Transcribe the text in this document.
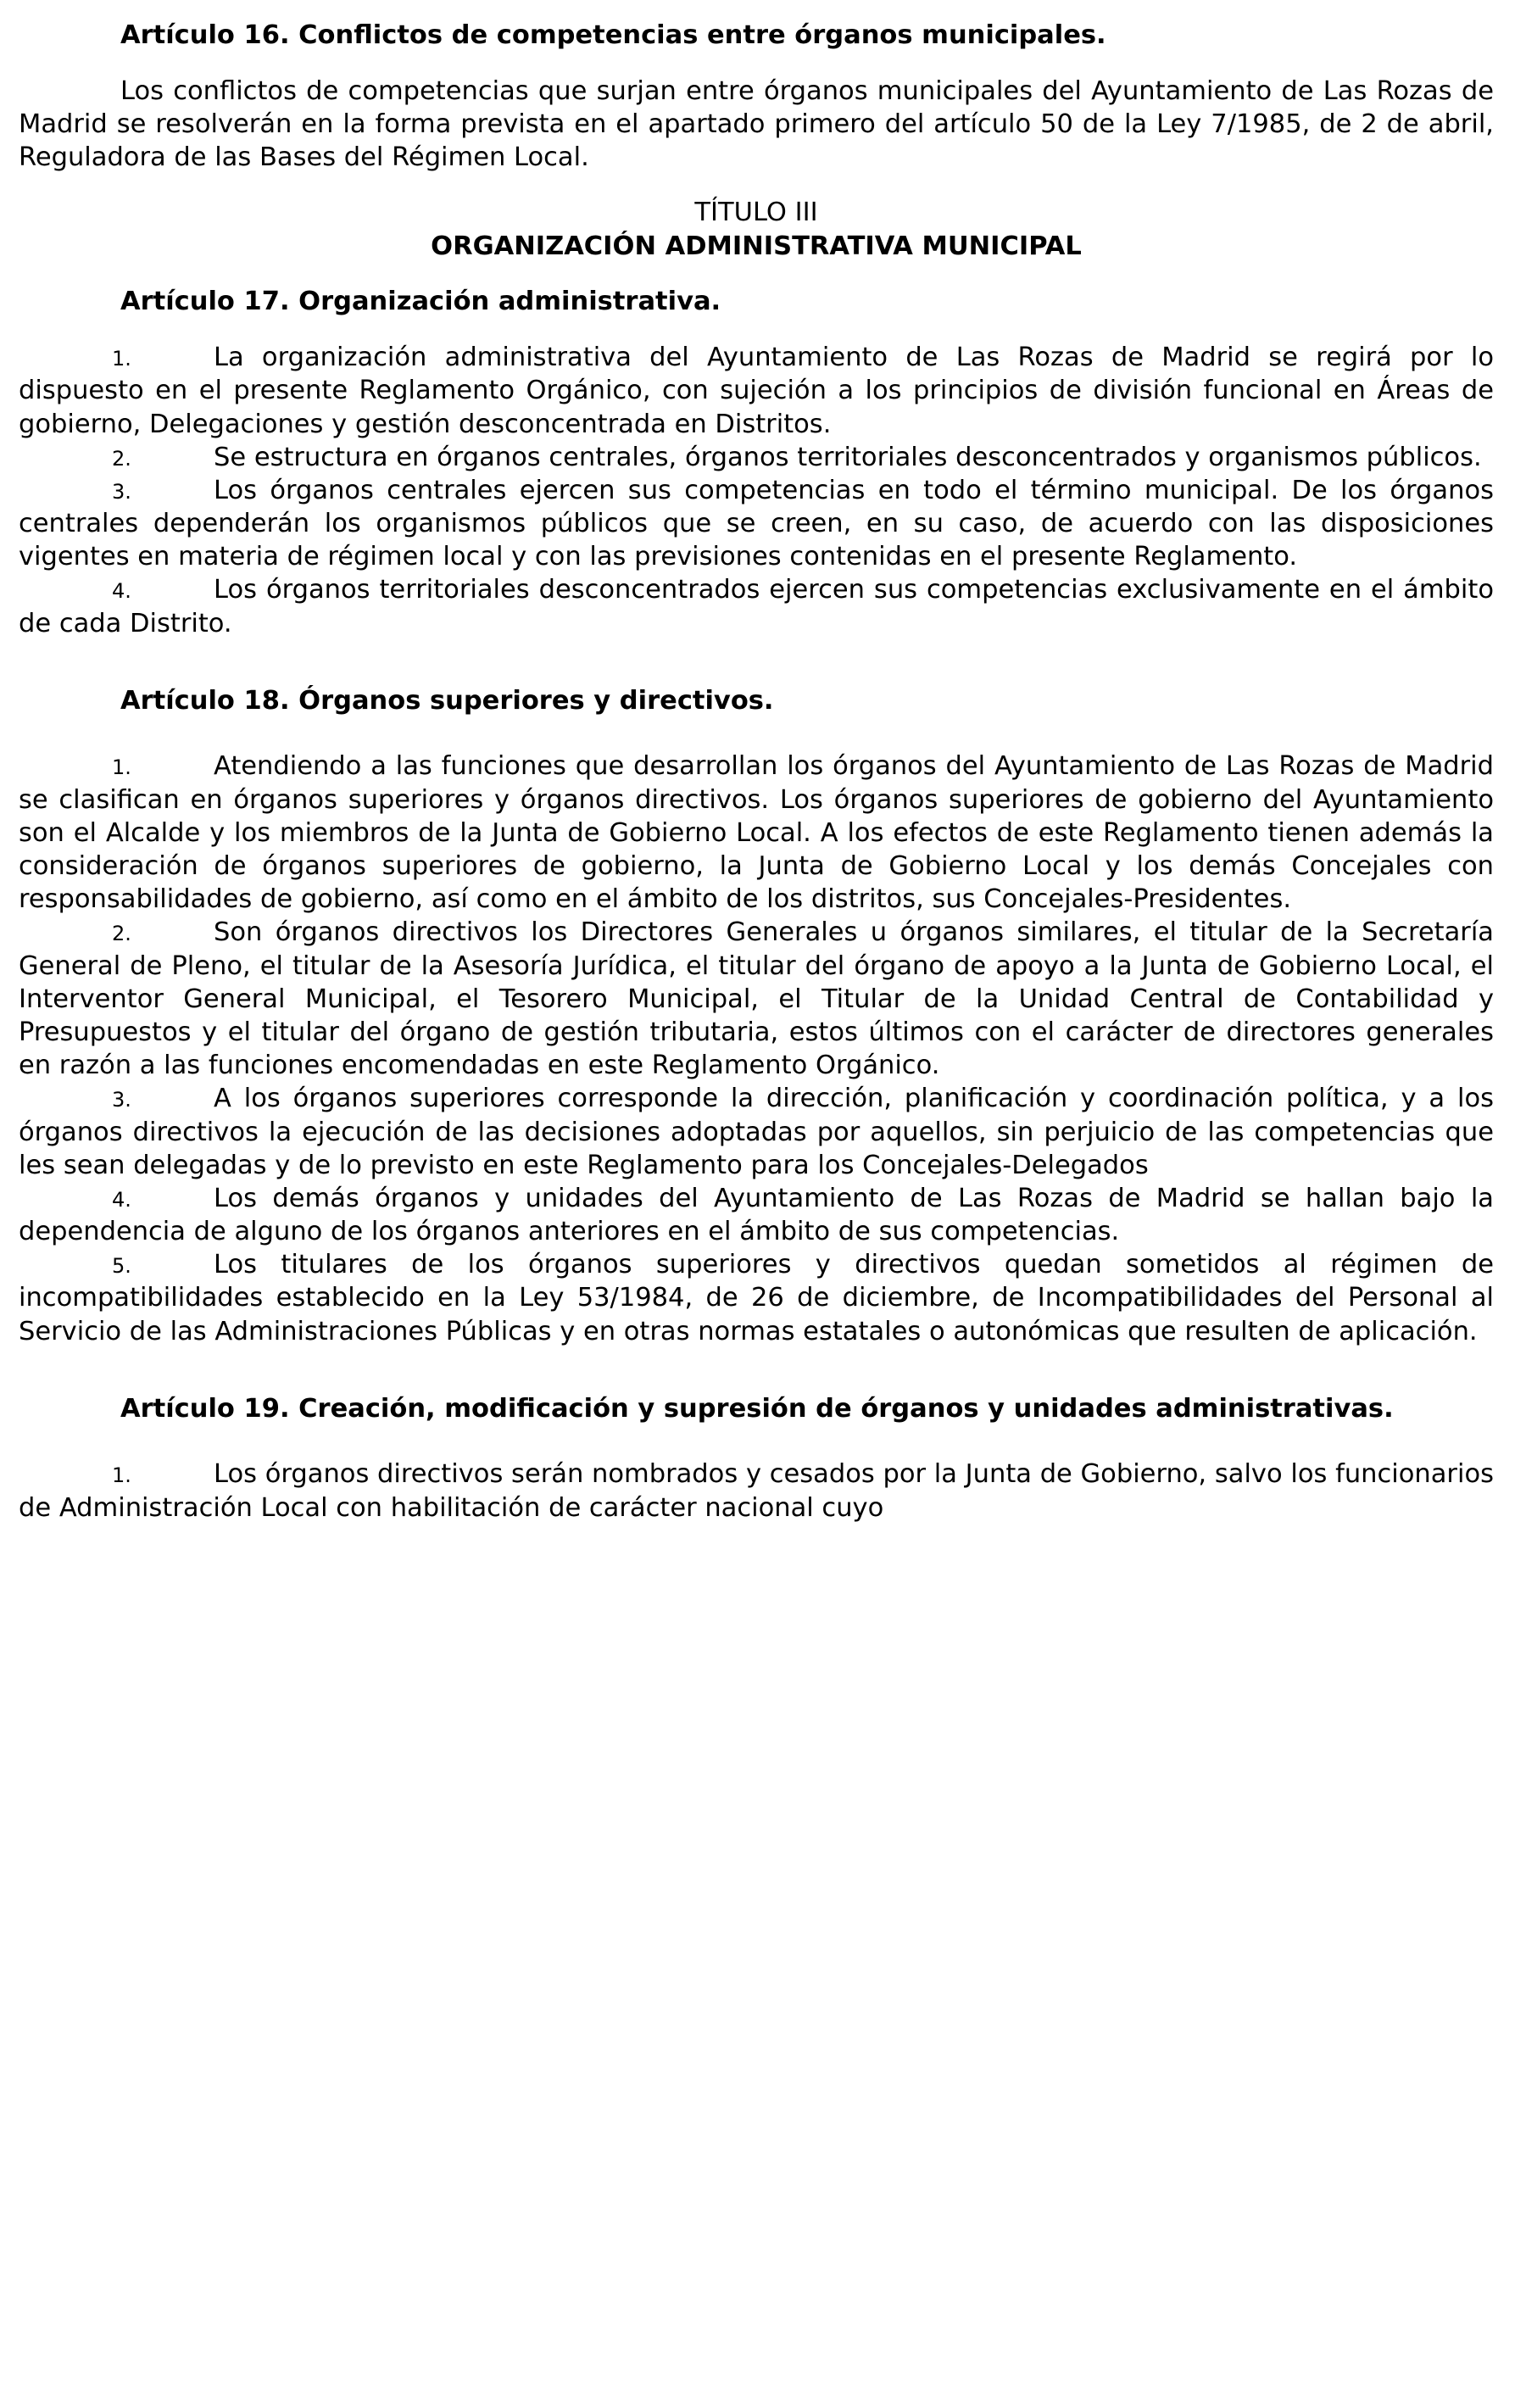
Artículo 16. Conflictos de competencias entre órganos municipales.

Los conflictos de competencias que surjan entre órganos municipales del Ayuntamiento de Las Rozas de Madrid se resolverán en la forma prevista en el apartado primero del artículo 50 de la Ley 7/1985, de 2 de abril, Reguladora de las Bases del Régimen Local.

TÍTULO III
ORGANIZACIÓN ADMINISTRATIVA MUNICIPAL
Artículo 17. Organización administrativa.

1.	La organización administrativa del Ayuntamiento de Las Rozas de Madrid se regirá por lo dispuesto en el presente Reglamento Orgánico, con sujeción a los principios de división funcional en Áreas de gobierno, Delegaciones y gestión desconcentrada en Distritos.

2.	Se estructura en órganos centrales, órganos territoriales desconcentrados y organismos públicos.

3.	Los órganos centrales ejercen sus competencias en todo el término municipal. De los órganos centrales dependerán los organismos públicos que se creen, en su caso, de acuerdo con las disposiciones vigentes en materia de régimen local y con las previsiones contenidas en el presente Reglamento.

4.	Los órganos territoriales desconcentrados ejercen sus competencias exclusivamente en el ámbito de cada Distrito.

Artículo 18. Órganos superiores y directivos.

1.	Atendiendo a las funciones que desarrollan los órganos del Ayuntamiento de Las Rozas de Madrid se clasifican en órganos superiores y órganos directivos. Los órganos superiores de gobierno del Ayuntamiento son el Alcalde y los miembros de la Junta de Gobierno Local. A los efectos de este Reglamento tienen además la consideración de órganos superiores de gobierno, la Junta de Gobierno Local y los demás Concejales con responsabilidades de gobierno, así como en el ámbito de los distritos, sus Concejales-Presidentes.

2.	Son órganos directivos los Directores Generales u órganos similares, el titular de la Secretaría General de Pleno, el titular de la Asesoría Jurídica, el titular del órgano de apoyo a la Junta de Gobierno Local, el Interventor General Municipal, el Tesorero Municipal, el Titular de la Unidad Central de Contabilidad y Presupuestos y el titular del órgano de gestión tributaria, estos últimos con el carácter de directores generales en razón a las funciones encomendadas en este Reglamento Orgánico.

3.	A los órganos superiores corresponde la dirección, planificación y coordinación política, y a los órganos directivos la ejecución de las decisiones adoptadas por aquellos, sin perjuicio de las competencias que les sean delegadas y de lo previsto en este Reglamento para los Concejales-Delegados

4.	Los demás órganos y unidades del Ayuntamiento de Las Rozas de Madrid se hallan bajo la dependencia de alguno de los órganos anteriores en el ámbito de sus competencias.

5.	Los titulares de los órganos superiores y directivos quedan sometidos al régimen de incompatibilidades establecido en la Ley 53/1984, de 26 de diciembre, de Incompatibilidades del Personal al Servicio de las Administraciones Públicas y en otras normas estatales o autonómicas que resulten de aplicación.

Artículo 19. Creación, modificación y supresión de órganos y unidades administrativas.

1.	Los órganos directivos serán nombrados y cesados por la Junta de Gobierno, salvo los funcionarios de Administración Local con habilitación de carácter nacional cuyo
